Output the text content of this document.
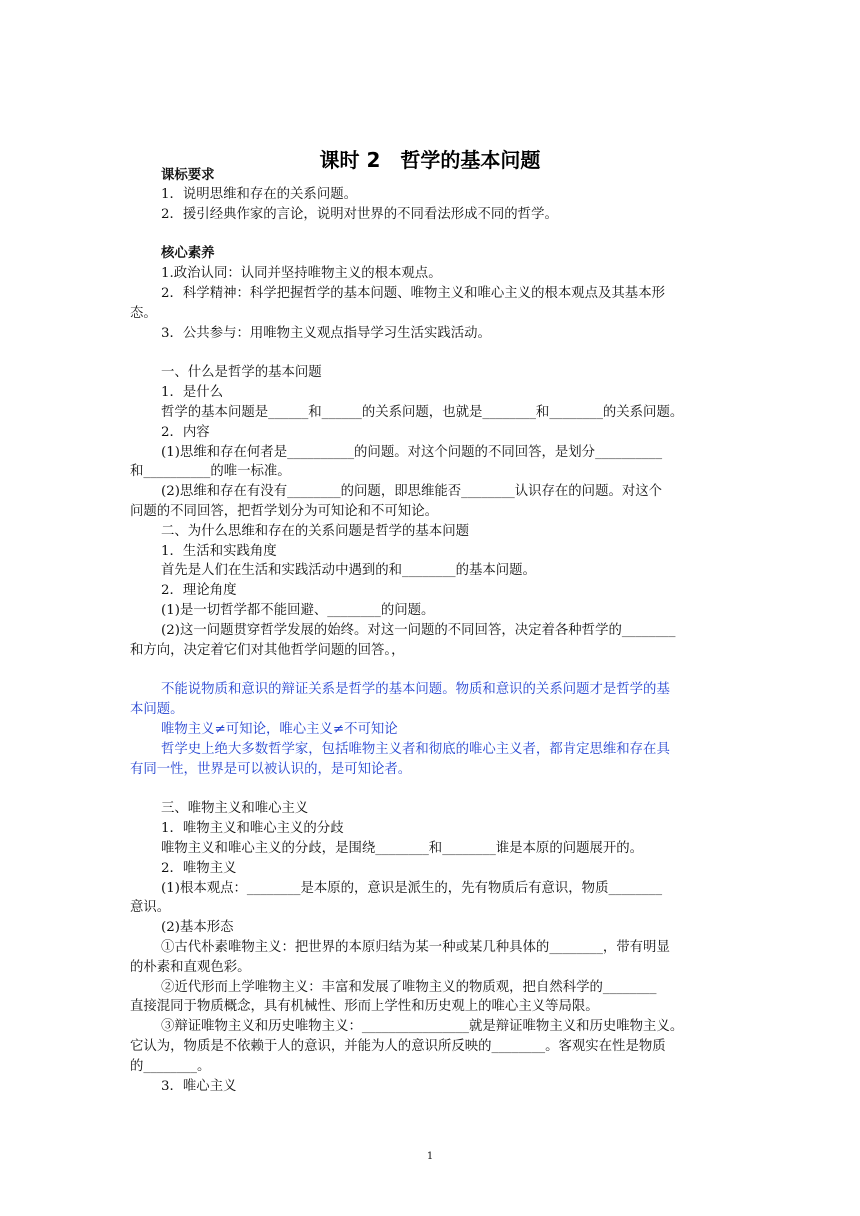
课时 2　哲学的基本问题
课标要求
1．说明思维和存在的关系问题。
2．援引经典作家的言论，说明对世界的不同看法形成不同的哲学。
核心素养
1.政治认同：认同并坚持唯物主义的根本观点。
2．科学精神：科学把握哲学的基本问题、唯物主义和唯心主义的根本观点及其基本形
态。
3．公共参与：用唯物主义观点指导学习生活实践活动。
一、什么是哲学的基本问题
1．是什么
哲学的基本问题是______和______的关系问题，也就是________和________的关系问题。
2．内容
(1)思维和存在何者是__________的问题。对这个问题的不同回答，是划分__________
和__________的唯一标准。
(2)思维和存在有没有________的问题，即思维能否________认识存在的问题。对这个
问题的不同回答，把哲学划分为可知论和不可知论。
二、为什么思维和存在的关系问题是哲学的基本问题
1．生活和实践角度
首先是人们在生活和实践活动中遇到的和________的基本问题。
2．理论角度
(1)是一切哲学都不能回避、________的问题。
(2)这一问题贯穿哲学发展的始终。对这一问题的不同回答，决定着各种哲学的________
和方向，决定着它们对其他哲学问题的回答。，
不能说物质和意识的辩证关系是哲学的基本问题。物质和意识的关系问题才是哲学的基
本问题。
唯物主义≠可知论，唯心主义≠不可知论
哲学史上绝大多数哲学家，包括唯物主义者和彻底的唯心主义者，都肯定思维和存在具
有同一性，世界是可以被认识的，是可知论者。
三、唯物主义和唯心主义
1．唯物主义和唯心主义的分歧
唯物主义和唯心主义的分歧，是围绕________和________谁是本原的问题展开的。
2．唯物主义
(1)根本观点：________是本原的，意识是派生的，先有物质后有意识，物质________
意识。
(2)基本形态
①古代朴素唯物主义：把世界的本原归结为某一种或某几种具体的________，带有明显
的朴素和直观色彩。
②近代形而上学唯物主义：丰富和发展了唯物主义的物质观，把自然科学的________
直接混同于物质概念，具有机械性、形而上学性和历史观上的唯心主义等局限。
③辩证唯物主义和历史唯物主义：________________就是辩证唯物主义和历史唯物主义。
它认为，物质是不依赖于人的意识，并能为人的意识所反映的________。客观实在性是物质
的________。
3．唯心主义
1
